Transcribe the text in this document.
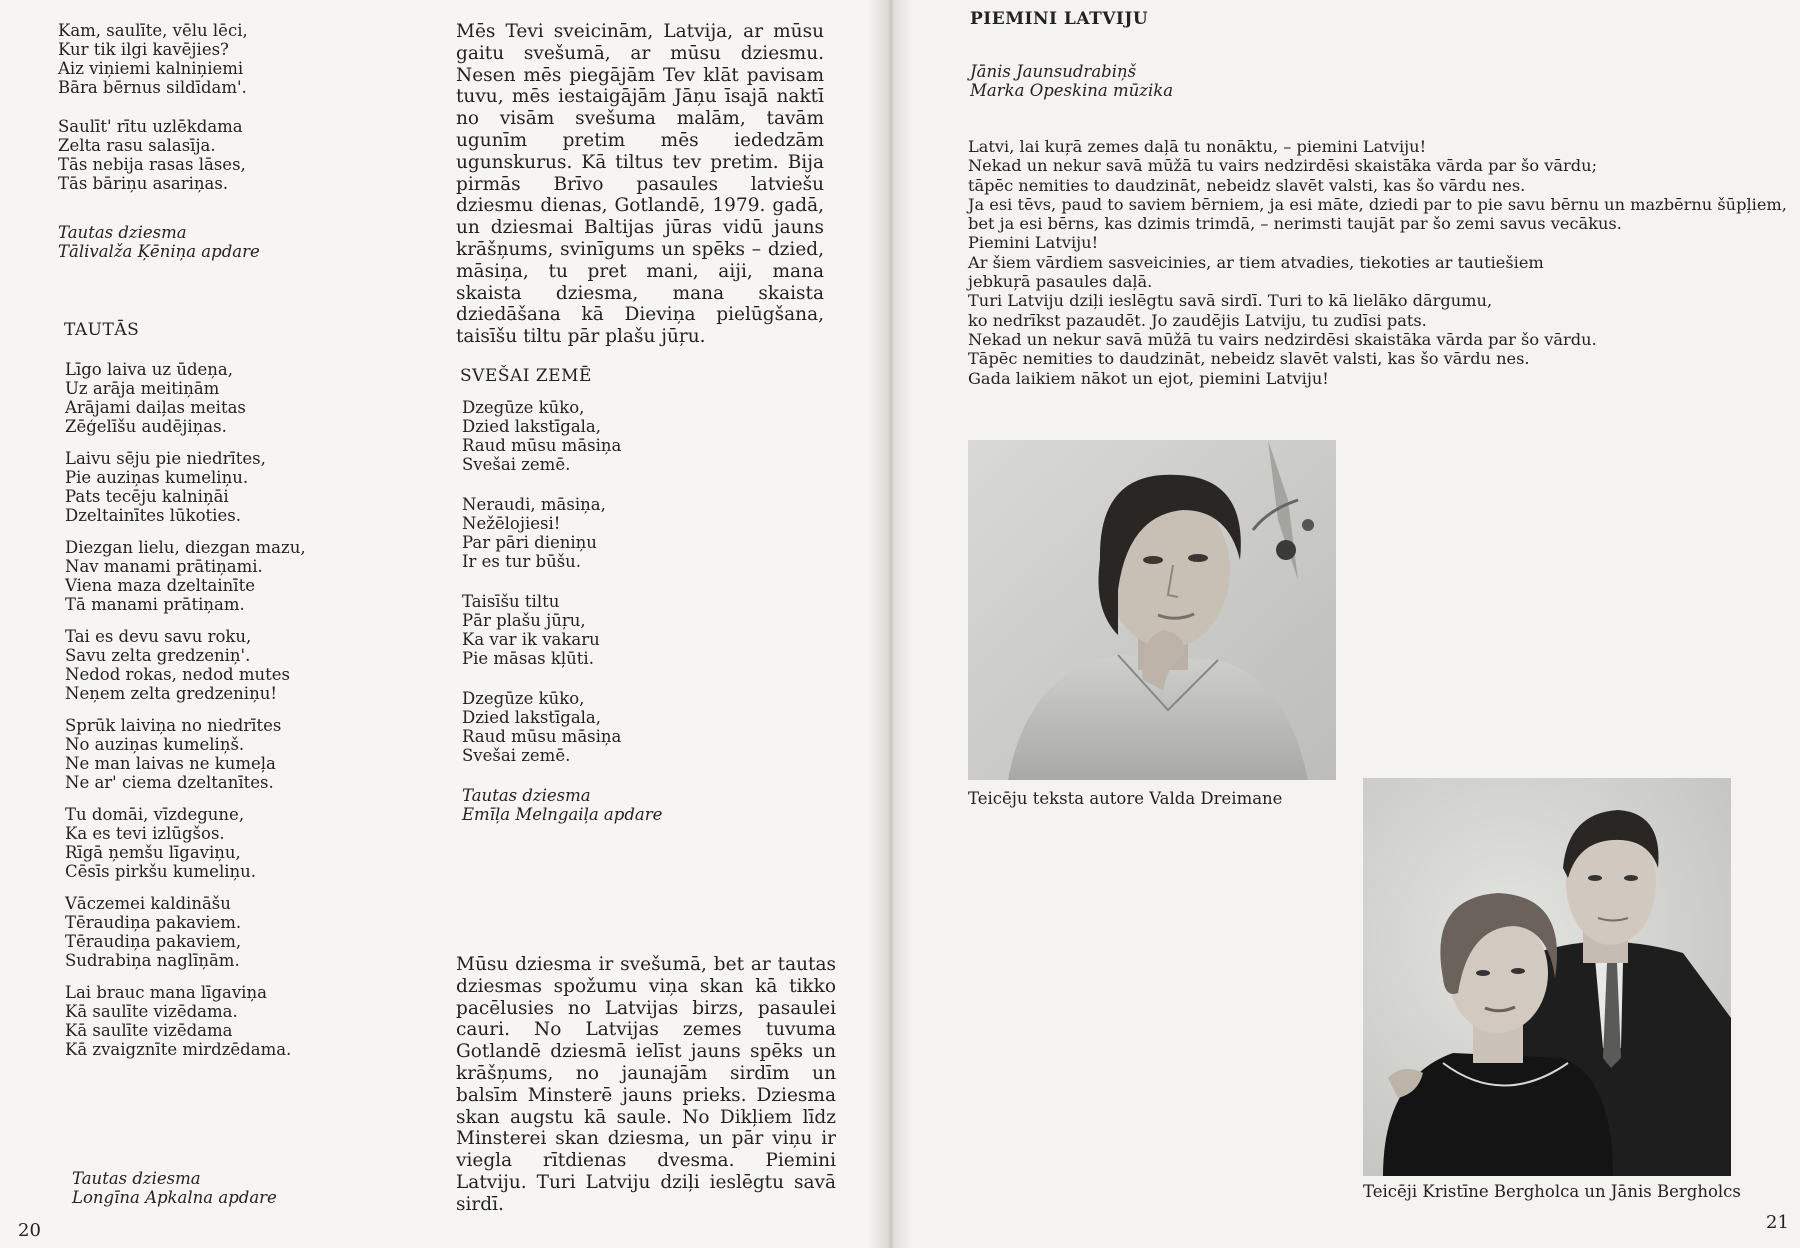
Kam, saulīte, vēlu lēci,

Kur tik ilgi kavējies?

Aiz viņiemi kalniņiemi

Bāra bērnus sildīdam'.

Saulīt' rītu uzlēkdama

Zelta rasu salasīja.

Tās nebija rasas lāses,

Tās bāriņu asariņas.

Tautas dziesma

Tālivalža Ķēniņa apdare

TAUTĀS

Līgo laiva uz ūdeņa,

Uz arāja meitiņām

Arājami daiļas meitas

Zēģelīšu audējiņas.

Laivu sēju pie niedrītes,

Pie auziņas kumeliņu.

Pats tecēju kalniņāi

Dzeltainītes lūkoties.

Diezgan lielu, diezgan mazu,

Nav manami prātiņami.

Viena maza dzeltainīte

Tā manami prātiņam.

Tai es devu savu roku,

Savu zelta gredzeniņ'.

Nedod rokas, nedod mutes

Neņem zelta gredzeniņu!

Sprūk laiviņa no niedrītes

No auziņas kumeliņš.

Ne man laivas ne kumeļa

Ne ar' ciema dzeltanītes.

Tu domāi, vīzdegune,

Ka es tevi izlūgšos.

Rīgā ņemšu līgaviņu,

Cēsīs pirkšu kumeliņu.

Vāczemei kaldināšu

Tēraudiņa pakaviem.

Tēraudiņa pakaviem,

Sudrabiņa naglīņām.

Lai brauc mana līgaviņa

Kā saulīte vizēdama.

Kā saulīte vizēdama

Kā zvaigznīte mirdzēdama.

Tautas dziesma

Longīna Apkalna apdare

20

Mēs Tevi sveicinām, Latvija, ar mūsu gaitu svešumā, ar mūsu dziesmu. Nesen mēs piegājām Tev klāt pavisam tuvu, mēs iestaigājām Jāņu īsajā naktī no visām svešuma malām, tavām ugunīm pretim mēs iededzām ugunskurus. Kā tiltus tev pretim. Bija pirmās Brīvo pasaules latviešu dziesmu dienas, Gotlandē, 1979. gadā, un dziesmai Baltijas jūras vidū jauns krāšņums, svinīgums un spēks – dzied, māsiņa, tu pret mani, aiji, mana skaista dziesma, mana skaista dziedāšana kā Dieviņa pielūgšana, taisīšu tiltu pār plašu jūŗu.

SVEŠAI ZEMĒ

Dzegūze kūko,

Dzied lakstīgala,

Raud mūsu māsiņa

Svešai zemē.

Neraudi, māsiņa,

Nežēlojiesi!

Par pāri dieniņu

Ir es tur būšu.

Taisīšu tiltu

Pār plašu jūŗu,

Ka var ik vakaru

Pie māsas kļūti.

Dzegūze kūko,

Dzied lakstīgala,

Raud mūsu māsiņa

Svešai zemē.

Tautas dziesma

Emīļa Melngaiļa apdare

Mūsu dziesma ir svešumā, bet ar tautas dziesmas spožumu viņa skan kā tikko pacēlusies no Latvijas birzs, pasaulei cauri. No Latvijas zemes tuvuma Gotlandē dziesmā ielīst jauns spēks un krāšņums, no jaunajām sirdīm un balsīm Minsterē jauns prieks. Dziesma skan augstu kā saule. No Dikļiem līdz Minsterei skan dziesma, un pār viņu ir viegla rītdienas dvesma. Piemini Latviju. Turi Latviju dziļi ieslēgtu savā sirdī.

PIEMINI LATVIJU

Jānis Jaunsudrabiņš

Marka Opeskina mūzika

Latvi, lai kuŗā zemes daļā tu nonāktu, – piemini Latviju!

Nekad un nekur savā mūžā tu vairs nedzirdēsi skaistāka vārda par šo vārdu;

tāpēc nemities to daudzināt, nebeidz slavēt valsti, kas šo vārdu nes.

Ja esi tēvs, paud to saviem bērniem, ja esi māte, dziedi par to pie savu bērnu un mazbērnu šūpļiem,

bet ja esi bērns, kas dzimis trimdā, – nerimsti taujāt par šo zemi savus vecākus.

Piemini Latviju!

Ar šiem vārdiem sasveicinies, ar tiem atvadies, tiekoties ar tautiešiem

jebkuŗā pasaules daļā.

Turi Latviju dziļi ieslēgtu savā sirdī. Turi to kā lielāko dārgumu,

ko nedrīkst pazaudēt. Jo zaudējis Latviju, tu zudīsi pats.

Nekad un nekur savā mūžā tu vairs nedzirdēsi skaistāka vārda par šo vārdu.

Tāpēc nemities to daudzināt, nebeidz slavēt valsti, kas šo vārdu nes.

Gada laikiem nākot un ejot, piemini Latviju!

Teicēju teksta autore Valda Dreimane
Teicēji Kristīne Bergholca un Jānis Bergholcs
21
